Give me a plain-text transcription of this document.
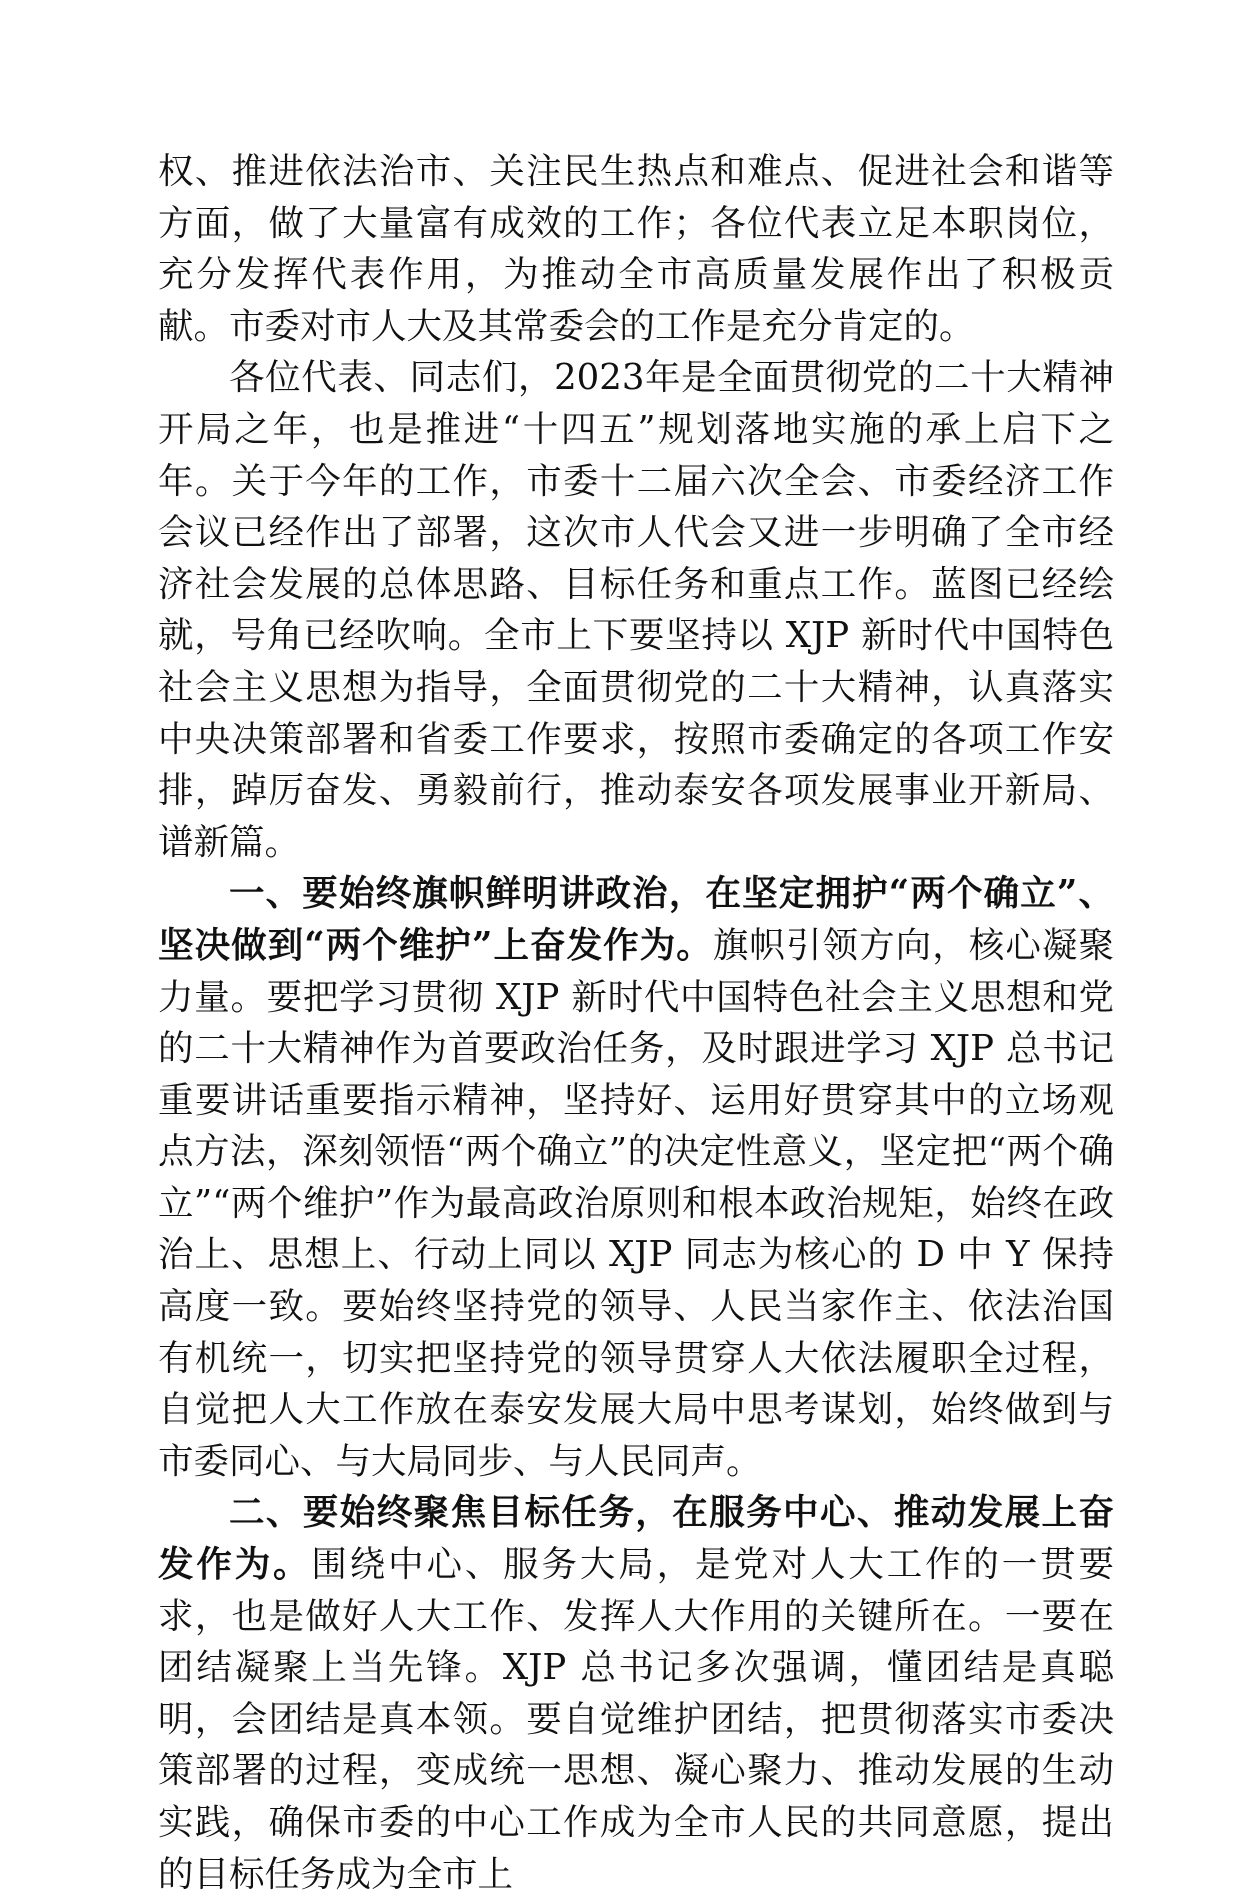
权、推进依法治市、关注民生热点和难点、促进社会和谐等方面，做了大量富有成效的工作；各位代表立足本职岗位，充分发挥代表作用，为推动全市高质量发展作出了积极贡献。市委对市人大及其常委会的工作是充分肯定的。

各位代表、同志们，2023年是全面贯彻党的二十大精神开局之年，也是推进“十四五”规划落地实施的承上启下之年。关于今年的工作，市委十二届六次全会、市委经济工作会议已经作出了部署，这次市人代会又进一步明确了全市经济社会发展的总体思路、目标任务和重点工作。蓝图已经绘就，号角已经吹响。全市上下要坚持以 XJP 新时代中国特色社会主义思想为指导，全面贯彻党的二十大精神，认真落实中央决策部署和省委工作要求，按照市委确定的各项工作安排，踔厉奋发、勇毅前行，推动泰安各项发展事业开新局、谱新篇。

一、要始终旗帜鲜明讲政治，在坚定拥护“两个确立”、坚决做到“两个维护”上奋发作为。旗帜引领方向，核心凝聚力量。要把学习贯彻 XJP 新时代中国特色社会主义思想和党的二十大精神作为首要政治任务，及时跟进学习 XJP 总书记重要讲话重要指示精神，坚持好、运用好贯穿其中的立场观点方法，深刻领悟“两个确立”的决定性意义，坚定把“两个确立”“两个维护”作为最高政治原则和根本政治规矩，始终在政治上、思想上、行动上同以 XJP 同志为核心的 D 中 Y 保持高度一致。要始终坚持党的领导、人民当家作主、依法治国有机统一，切实把坚持党的领导贯穿人大依法履职全过程，自觉把人大工作放在泰安发展大局中思考谋划，始终做到与市委同心、与大局同步、与人民同声。

二、要始终聚焦目标任务，在服务中心、推动发展上奋发作为。围绕中心、服务大局，是党对人大工作的一贯要求，也是做好人大工作、发挥人大作用的关键所在。一要在团结凝聚上当先锋。XJP 总书记多次强调，懂团结是真聪明，会团结是真本领。要自觉维护团结，把贯彻落实市委决策部署的过程，变成统一思想、凝心聚力、推动发展的生动实践，确保市委的中心工作成为全市人民的共同意愿，提出的目标任务成为全市上
